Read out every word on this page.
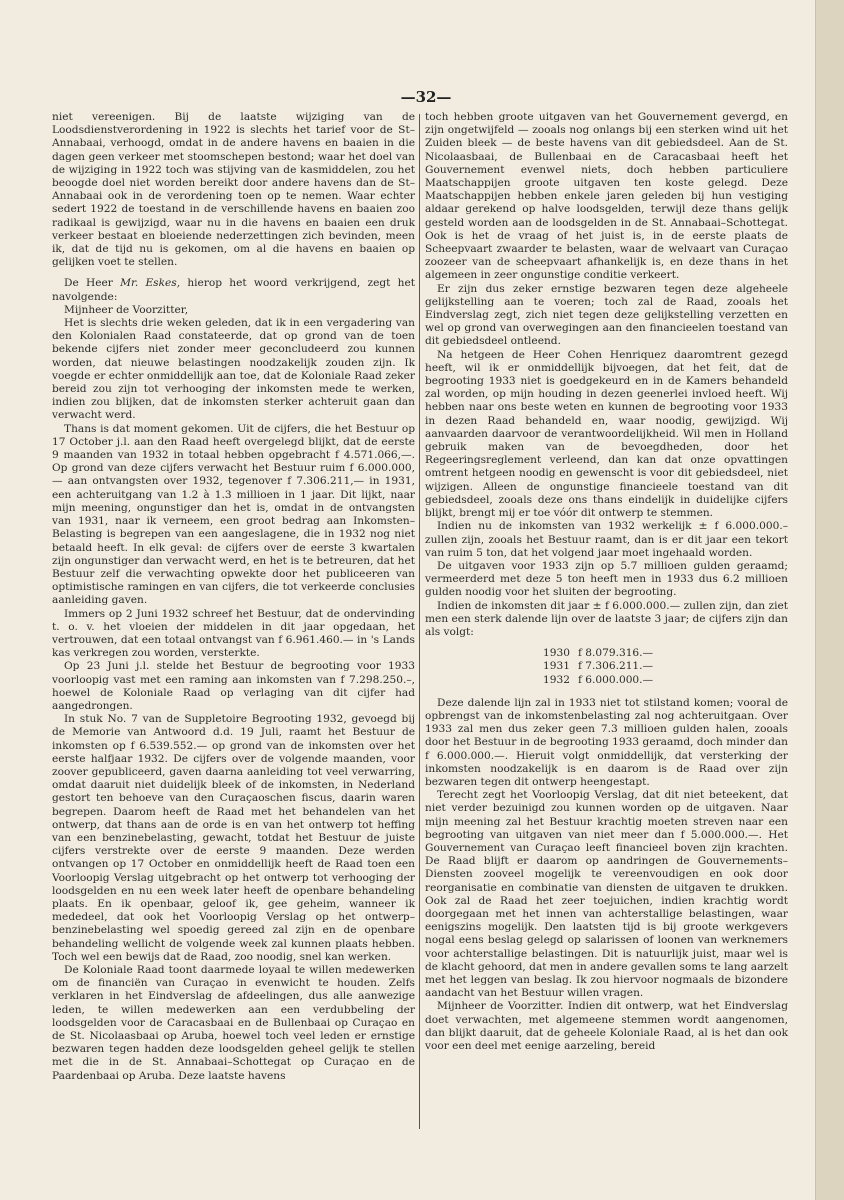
—32—

niet vereenigen. Bij de laatste wijziging van de Loodsdienstverordening in 1922 is slechts het tarief voor de St–Annabaai, verhoogd, omdat in de andere havens en baaien in die dagen geen verkeer met stoomschepen bestond; waar het doel van de wijziging in 1922 toch was stijving van de kasmiddelen, zou het beoogde doel niet worden bereikt door andere havens dan de St–Annabaai ook in de verordening toen op te nemen. Waar echter sedert 1922 de toestand in de verschillende havens en baaien zoo radikaal is gewijzigd, waar nu in die havens en baaien een druk verkeer bestaat en bloeiende nederzettingen zich bevinden, meen ik, dat de tijd nu is gekomen, om al die havens en baaien op gelijken voet te stellen.

De Heer Mr. Eskes, hierop het woord verkrijgend, zegt het navolgende:

Mijnheer de Voorzitter,

Het is slechts drie weken geleden, dat ik in een vergadering van den Kolonialen Raad constateerde, dat op grond van de toen bekende cijfers niet zonder meer geconcludeerd zou kunnen worden, dat nieuwe belastingen noodzakelijk zouden zijn. Ik voegde er echter onmiddellijk aan toe, dat de Koloniale Raad zeker bereid zou zijn tot verhooging der inkomsten mede te werken, indien zou blijken, dat de inkomsten sterker achteruit gaan dan verwacht werd.

Thans is dat moment gekomen. Uit de cijfers, die het Bestuur op 17 October j.l. aan den Raad heeft overgelegd blijkt, dat de eerste 9 maanden van 1932 in totaal hebben opgebracht f 4.571.066,—. Op grond van deze cijfers verwacht het Bestuur ruim f 6.000.000,— aan ontvangsten over 1932, tegenover f 7.306.211,— in 1931, een achteruitgang van 1.2 à 1.3 millioen in 1 jaar. Dit lijkt, naar mijn meening, ongunstiger dan het is, omdat in de ontvangsten van 1931, naar ik verneem, een groot bedrag aan Inkomsten–Belasting is begrepen van een aangeslagene, die in 1932 nog niet betaald heeft. In elk geval: de cijfers over de eerste 3 kwartalen zijn ongunstiger dan verwacht werd, en het is te betreuren, dat het Bestuur zelf die verwachting opwekte door het publiceeren van optimistische ramingen en van cijfers, die tot verkeerde conclusies aanleiding gaven.

Immers op 2 Juni 1932 schreef het Bestuur, dat de ondervinding t. o. v. het vloeien der middelen in dit jaar opgedaan, het vertrouwen, dat een totaal ontvangst van f 6.961.460.— in 's Lands kas verkregen zou worden, versterkte.

Op 23 Juni j.l. stelde het Bestuur de begrooting voor 1933 voorloopig vast met een raming aan inkomsten van f 7.298.250.–, hoewel de Koloniale Raad op verlaging van dit cijfer had aangedrongen.

In stuk No. 7 van de Suppletoire Begrooting 1932, gevoegd bij de Memorie van Antwoord d.d. 19 Juli, raamt het Bestuur de inkomsten op f 6.539.552.— op grond van de inkomsten over het eerste halfjaar 1932. De cijfers over de volgende maanden, voor zoover gepubliceerd, gaven daarna aanleiding tot veel verwarring, omdat daaruit niet duidelijk bleek of de inkomsten, in Nederland gestort ten behoeve van den Curaçaoschen fiscus, daarin waren begrepen. Daarom heeft de Raad met het behandelen van het ontwerp, dat thans aan de orde is en van het ontwerp tot heffing van een benzinebelasting, gewacht, totdat het Bestuur de juiste cijfers verstrekte over de eerste 9 maanden. Deze werden ontvangen op 17 October en onmiddellijk heeft de Raad toen een Voorloopig Verslag uitgebracht op het ontwerp tot verhooging der loodsgelden en nu een week later heeft de openbare behandeling plaats. En ik openbaar, geloof ik, gee geheim, wanneer ik mededeel, dat ook het Voorloopig Verslag op het ontwerp–benzinebelasting wel spoedig gereed zal zijn en de openbare behandeling wellicht de volgende week zal kunnen plaats hebben. Toch wel een bewijs dat de Raad, zoo noodig, snel kan werken.

De Koloniale Raad toont daarmede loyaal te willen medewerken om de financiën van Curaçao in evenwicht te houden. Zelfs verklaren in het Eindverslag de afdeelingen, dus alle aanwezige leden, te willen medewerken aan een verdubbeling der loodsgelden voor de Caracasbaai en de Bullenbaai op Curaçao en de St. Nicolaasbaai op Aruba, hoewel toch veel leden er ernstige bezwaren tegen hadden deze loodsgelden geheel gelijk te stellen met die in de St. Annabaai–Schottegat op Curaçao en de Paardenbaai op Aruba. Deze laatste havens

toch hebben groote uitgaven van het Gouvernement gevergd, en zijn ongetwijfeld — zooals nog onlangs bij een sterken wind uit het Zuiden bleek — de beste havens van dit gebiedsdeel. Aan de St. Nicolaasbaai, de Bullenbaai en de Caracasbaai heeft het Gouvernement evenwel niets, doch hebben particuliere Maatschappijen groote uitgaven ten koste gelegd. Deze Maatschappijen hebben enkele jaren geleden bij hun vestiging aldaar gerekend op halve loodsgelden, terwijl deze thans gelijk gesteld worden aan de loodsgelden in de St. Annabaai–Schottegat. Ook is het de vraag of het juist is, in de eerste plaats de Scheepvaart zwaarder te belasten, waar de welvaart van Curaçao zoozeer van de scheepvaart afhankelijk is, en deze thans in het algemeen in zeer ongunstige conditie verkeert.

Er zijn dus zeker ernstige bezwaren tegen deze algeheele gelijkstelling aan te voeren; toch zal de Raad, zooals het Eindverslag zegt, zich niet tegen deze gelijkstelling verzetten en wel op grond van overwegingen aan den financieelen toestand van dit gebiedsdeel ontleend.

Na hetgeen de Heer Cohen Henriquez daaromtrent gezegd heeft, wil ik er onmiddellijk bijvoegen, dat het feit, dat de begrooting 1933 niet is goedgekeurd en in de Kamers behandeld zal worden, op mijn houding in dezen geenerlei invloed heeft. Wij hebben naar ons beste weten en kunnen de begrooting voor 1933 in dezen Raad behandeld en, waar noodig, gewijzigd. Wij aanvaarden daarvoor de verantwoordelijkheid. Wil men in Holland gebruik maken van de bevoegdheden, door het Regeeringsreglement verleend, dan kan dat onze opvattingen omtrent hetgeen noodig en gewenscht is voor dit gebiedsdeel, niet wijzigen. Alleen de ongunstige financieele toestand van dit gebiedsdeel, zooals deze ons thans eindelijk in duidelijke cijfers blijkt, brengt mij er toe vóór dit ontwerp te stemmen.

Indien nu de inkomsten van 1932 werkelijk ± f 6.000.000.– zullen zijn, zooals het Bestuur raamt, dan is er dit jaar een tekort van ruim 5 ton, dat het volgend jaar moet ingehaald worden.

De uitgaven voor 1933 zijn op 5.7 millioen gulden geraamd; vermeerderd met deze 5 ton heeft men in 1933 dus 6.2 millioen gulden noodig voor het sluiten der begrooting.

Indien de inkomsten dit jaar ± f 6.000.000.— zullen zijn, dan ziet men een sterk dalende lijn over de laatste 3 jaar; de cijfers zijn dan als volgt:

1930	f 8.079.316.—
1931	f 7.306.211.—
1932	f 6.000.000.—

Deze dalende lijn zal in 1933 niet tot stilstand komen; vooral de opbrengst van de inkomstenbelasting zal nog achteruitgaan. Over 1933 zal men dus zeker geen 7.3 millioen gulden halen, zooals door het Bestuur in de begrooting 1933 geraamd, doch minder dan f 6.000.000.—. Hieruit volgt onmiddellijk, dat versterking der inkomsten noodzakelijk is en daarom is de Raad over zijn bezwaren tegen dit ontwerp heengestapt.

Terecht zegt het Voorloopig Verslag, dat dit niet beteekent, dat niet verder bezuinigd zou kunnen worden op de uitgaven. Naar mijn meening zal het Bestuur krachtig moeten streven naar een begrooting van uitgaven van niet meer dan f 5.000.000.—. Het Gouvernement van Curaçao leeft financieel boven zijn krachten. De Raad blijft er daarom op aandringen de Gouvernements–Diensten zooveel mogelijk te vereenvoudigen en ook door reorganisatie en combinatie van diensten de uitgaven te drukken. Ook zal de Raad het zeer toejuichen, indien krachtig wordt doorgegaan met het innen van achterstallige belastingen, waar eenigszins mogelijk. Den laatsten tijd is bij groote werkgevers nogal eens beslag gelegd op salarissen of loonen van werknemers voor achterstallige belastingen. Dit is natuurlijk juist, maar wel is de klacht gehoord, dat men in andere gevallen soms te lang aarzelt met het leggen van beslag. Ik zou hiervoor nogmaals de bizondere aandacht van het Bestuur willen vragen.

Mijnheer de Voorzitter. Indien dit ontwerp, wat het Eindverslag doet verwachten, met algemeene stemmen wordt aangenomen, dan blijkt daaruit, dat de geheele Koloniale Raad, al is het dan ook voor een deel met eenige aarzeling, bereid
